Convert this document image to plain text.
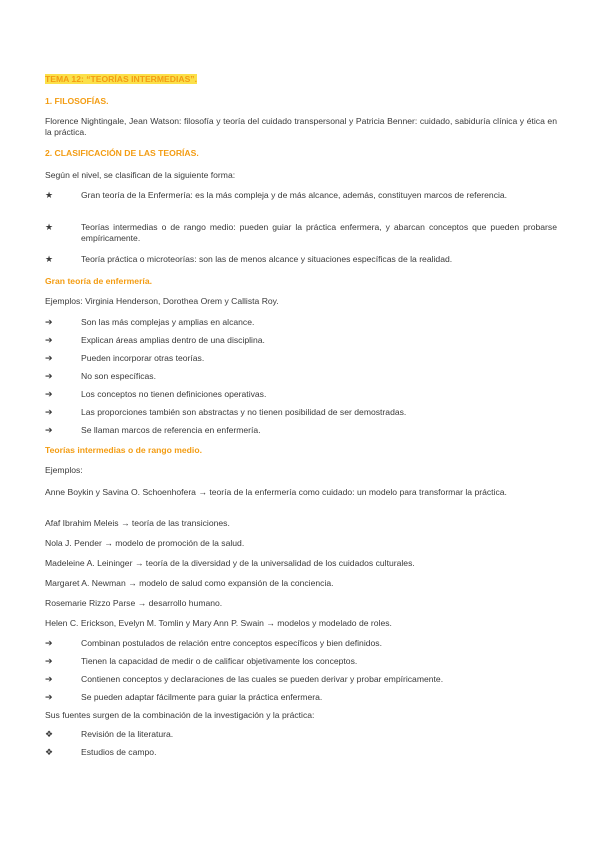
TEMA 12: “TEORÍAS INTERMEDIAS”.
1. FILOSOFÍAS.
Florence Nightingale, Jean Watson: filosofía y teoría del cuidado transpersonal y Patricia Benner: cuidado, sabiduría clínica y ética en la práctica.
2. CLASIFICACIÓN DE LAS TEORÍAS.
Según el nivel, se clasifican de la siguiente forma:
★	Gran teoría de la Enfermería: es la más compleja y de más alcance, además, constituyen marcos de referencia.
★	Teorías intermedias o de rango medio: pueden guiar la práctica enfermera, y abarcan conceptos que pueden probarse empíricamente.
★	Teoría práctica o microteorías: son las de menos alcance y situaciones específicas de la realidad.
Gran teoría de enfermería.
Ejemplos: Virginia Henderson, Dorothea Orem y Callista Roy.
➔	Son las más complejas y amplias en alcance.
➔	Explican áreas amplias dentro de una disciplina.
➔	Pueden incorporar otras teorías.
➔	No son específicas.
➔	Los conceptos no tienen definiciones operativas.
➔	Las proporciones también son abstractas y no tienen posibilidad de ser demostradas.
➔	Se llaman marcos de referencia en enfermería.
Teorías intermedias o de rango medio.
Ejemplos:
Anne Boykin y Savina O. Schoenhofera → teoría de la enfermería como cuidado: un modelo para transformar la práctica.
Afaf Ibrahim Meleis → teoría de las transiciones.
Nola J. Pender → modelo de promoción de la salud.
Madeleine A. Leininger → teoría de la diversidad y de la universalidad de los cuidados culturales.
Margaret A. Newman → modelo de salud como expansión de la conciencia.
Rosemarie Rizzo Parse → desarrollo humano.
Helen C. Erickson, Evelyn M. Tomlin y Mary Ann P. Swain → modelos y modelado de roles.
➔	Combinan postulados de relación entre conceptos específicos y bien definidos.
➔	Tienen la capacidad de medir o de calificar objetivamente los conceptos.
➔	Contienen conceptos y declaraciones de las cuales se pueden derivar y probar empíricamente.
➔	Se pueden adaptar fácilmente para guiar la práctica enfermera.
Sus fuentes surgen de la combinación de la investigación y la práctica:
❖	Revisión de la literatura.
❖	Estudios de campo.
